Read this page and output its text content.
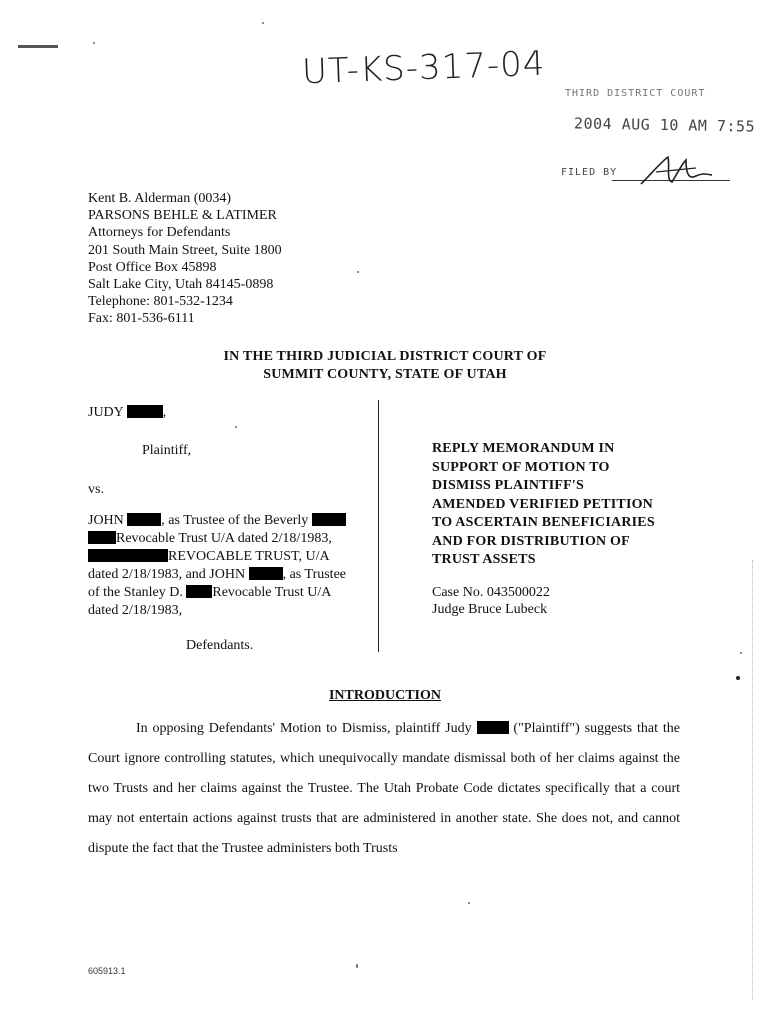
UT-KS-317-04
THIRD DISTRICT COURT
2004 AUG 10 AM 7:55
FILED BY
Kent B. Alderman (0034)
PARSONS BEHLE & LATIMER
Attorneys for Defendants
201 South Main Street, Suite 1800
Post Office Box 45898
Salt Lake City, Utah 84145-0898
Telephone: 801-532-1234
Fax: 801-536-6111
IN THE THIRD JUDICIAL DISTRICT COURT OF
SUMMIT COUNTY, STATE OF UTAH
JUDY	,
Plaintiff,
vs.
JOHN	, as Trustee of the Beverly
Revocable Trust U/A dated 2/18/1983,
REVOCABLE TRUST, U/A
dated 2/18/1983, and JOHN	, as Trustee
of the Stanley D. Revocable Trust U/A
dated 2/18/1983,
Defendants.
REPLY MEMORANDUM IN
SUPPORT OF MOTION TO
DISMISS PLAINTIFF'S
AMENDED VERIFIED PETITION
TO ASCERTAIN BENEFICIARIES
AND FOR DISTRIBUTION OF
TRUST ASSETS
Case No. 043500022
Judge Bruce Lubeck
INTRODUCTION
In opposing Defendants' Motion to Dismiss, plaintiff Judy	("Plaintiff") suggests that the Court ignore controlling statutes, which unequivocally mandate dismissal both of her claims against the two Trusts and her claims against the Trustee. The Utah Probate Code dictates specifically that a court may not entertain actions against trusts that are administered in another state. She does not, and cannot dispute the fact that the Trustee administers both Trusts
605913.1
